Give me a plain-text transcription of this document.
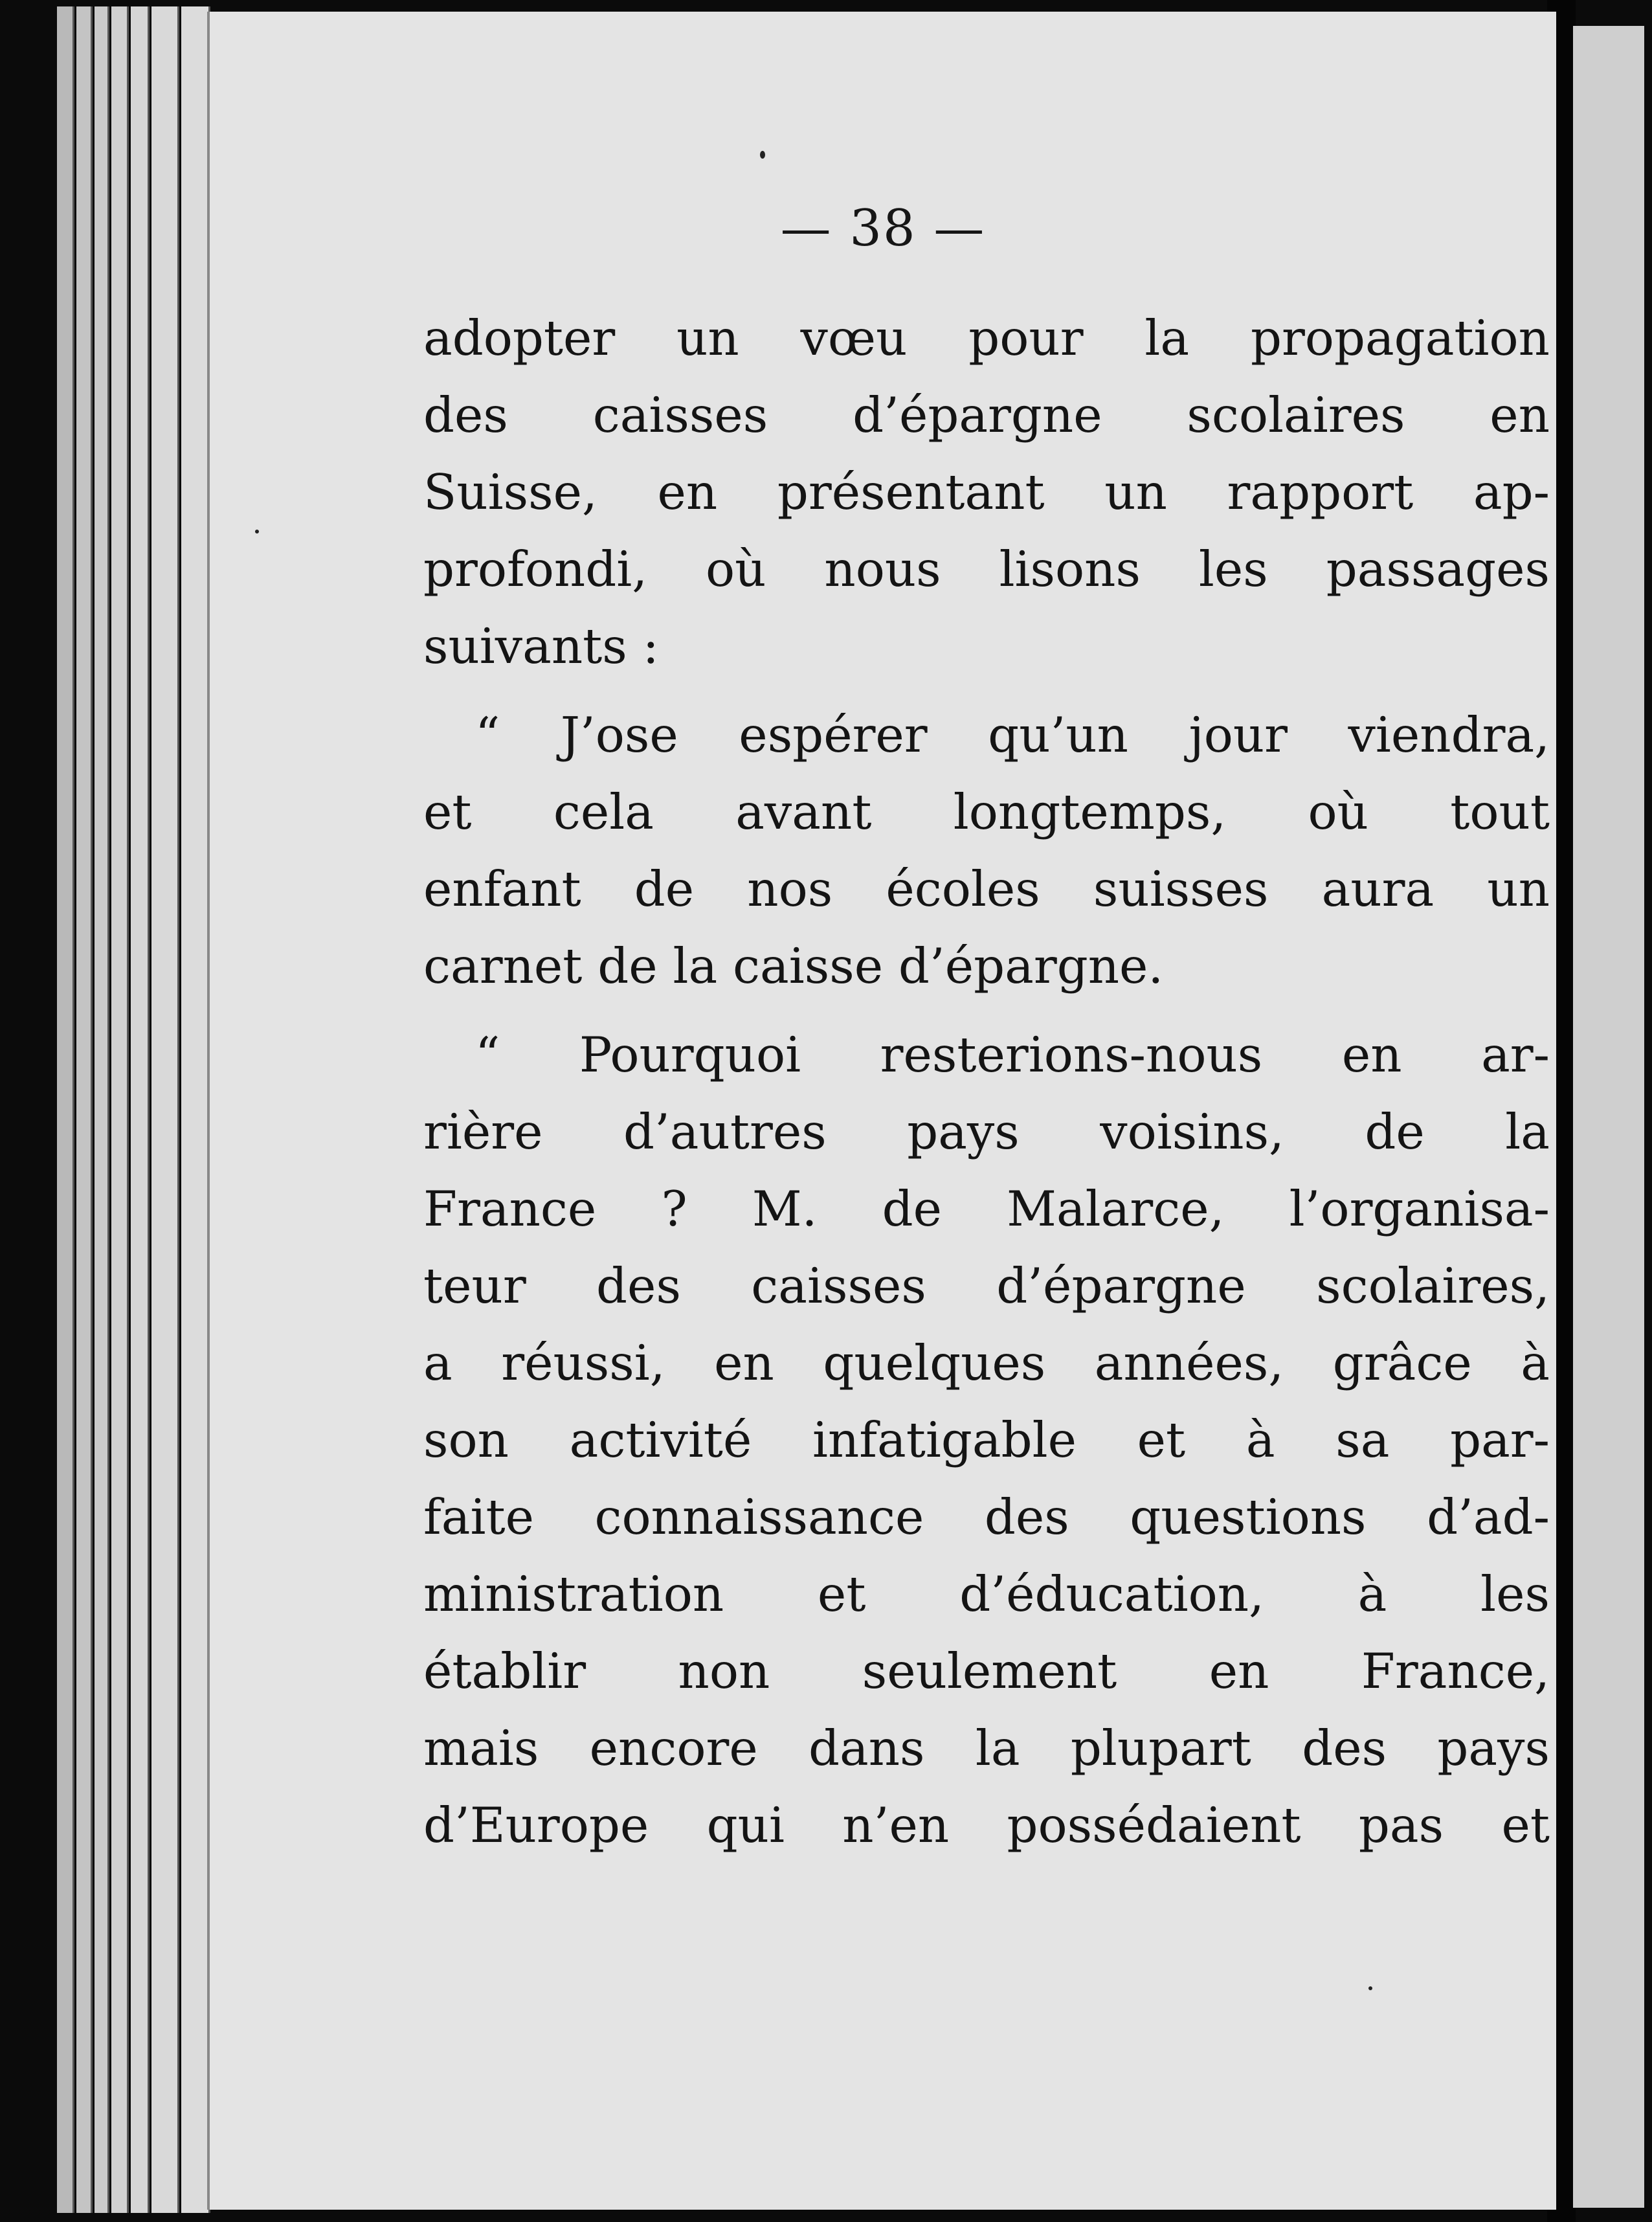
— 38 —
adopter un vœu pour la propagation
des caisses d’épargne scolaires en
Suisse, en présentant un rapport ap-
profondi, où nous lisons les passages
suivants :
“ J’ose espérer qu’un jour viendra,
et cela avant longtemps, où tout
enfant de nos écoles suisses aura un
carnet de la caisse d’épargne.
“ Pourquoi resterions-nous en ar-
rière d’autres pays voisins, de la
France ? M. de Malarce, l’organisa-
teur des caisses d’épargne scolaires,
a réussi, en quelques années, grâce à
son activité infatigable et à sa par-
faite connaissance des questions d’ad-
ministration et d’éducation, à les
établir non seulement en France,
mais encore dans la plupart des pays
d’Europe qui n’en possédaient pas et
